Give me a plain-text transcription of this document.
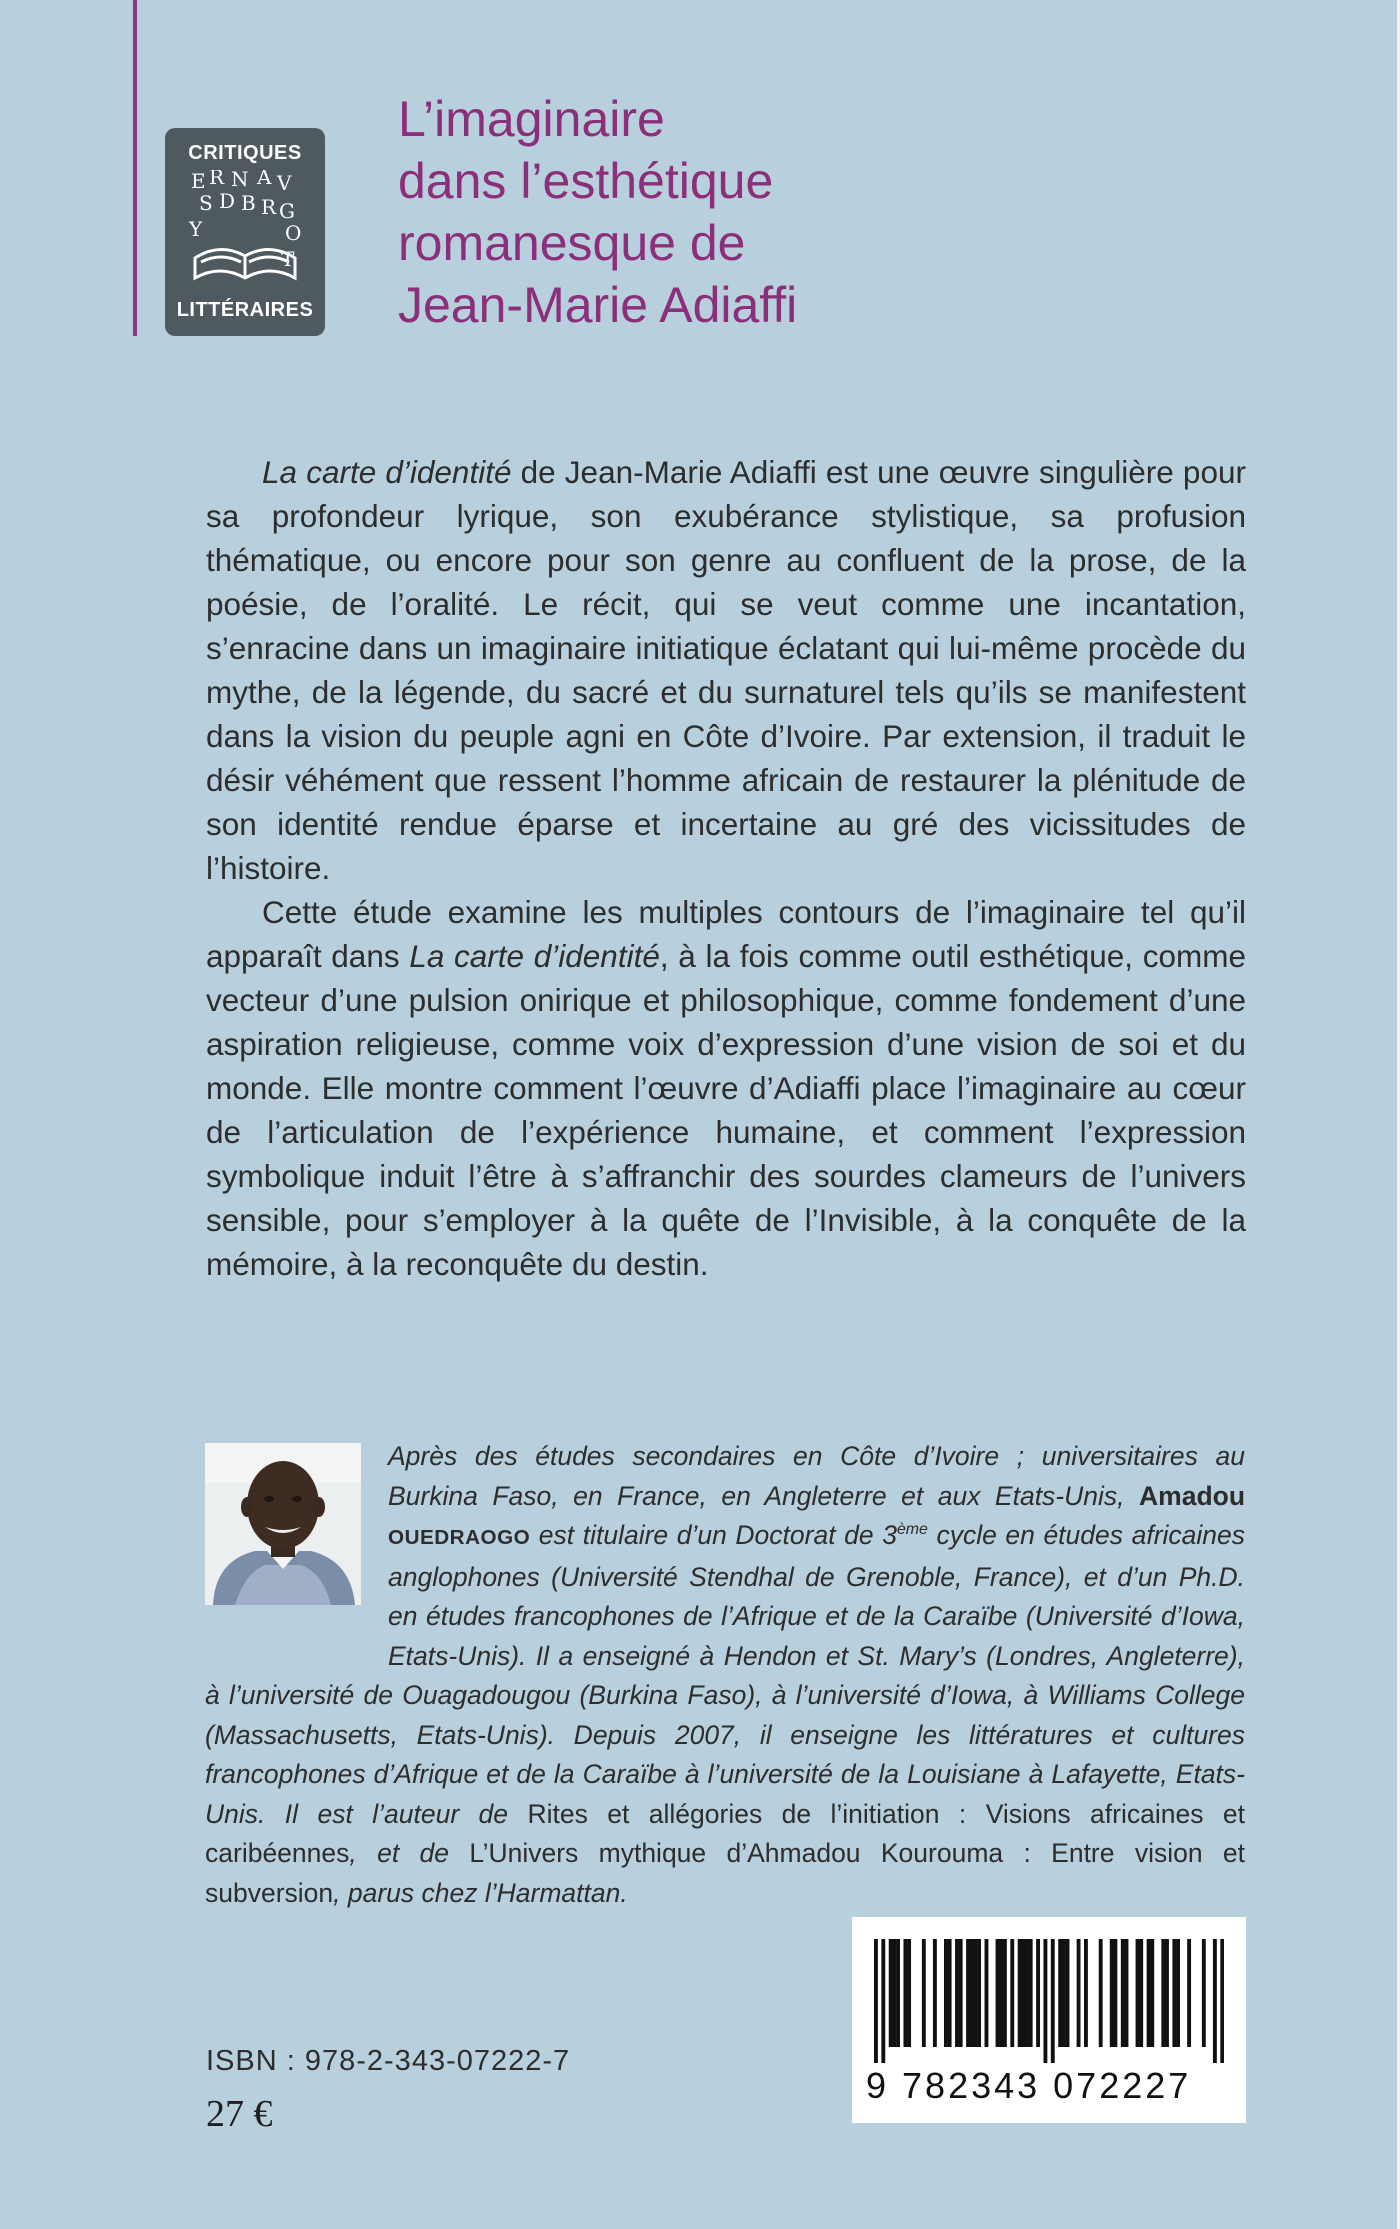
CRITIQUES
E R N A V
S D B R G
O
Y
T
LITTÉRAIRES
L’imaginaire
dans l’esthétique
romanesque de
Jean-Marie Adiaffi

La carte d’identité de Jean-Marie Adiaffi est une œuvre singulière pour sa profondeur lyrique, son exubérance stylistique, sa profusion thématique, ou encore pour son genre au confluent de la prose, de la poésie, de l’oralité. Le récit, qui se veut comme une incantation, s’enracine dans un imaginaire initiatique éclatant qui lui-même procède du mythe, de la légende, du sacré et du surnaturel tels qu’ils se manifestent dans la vision du peuple agni en Côte d’Ivoire. Par extension, il traduit le désir véhément que ressent l’homme africain de restaurer la plénitude de son identité rendue éparse et incertaine au gré des vicissitudes de l’histoire.

Cette étude examine les multiples contours de l’imaginaire tel qu’il apparaît dans La carte d’identité, à la fois comme outil esthétique, comme vecteur d’une pulsion onirique et philosophique, comme fondement d’une aspiration religieuse, comme voix d’expression d’une vision de soi et du monde. Elle montre comment l’œuvre d’Adiaffi place l’imaginaire au cœur de l’articulation de l’expérience humaine, et comment l’expression symbolique induit l’être à s’affranchir des sourdes clameurs de l’univers sensible, pour s’employer à la quête de l’Invisible, à la conquête de la mémoire, à la reconquête du destin.

Après des études secondaires en Côte d’Ivoire ; universitaires au Burkina Faso, en France, en Angleterre et aux Etats-Unis, Amadou OUEDRAOGO est titulaire d’un Doctorat de 3ème cycle en études africaines anglophones (Université Stendhal de Grenoble, France), et d’un Ph.D. en études francophones de l’Afrique et de la Caraïbe (Université d’Iowa, Etats-Unis). Il a enseigné à Hendon et St. Mary’s (Londres, Angleterre), à l’université de Ouagadougou (Burkina Faso), à l’université d’Iowa, à Williams College (Massachusetts, Etats-Unis). Depuis 2007, il enseigne les littératures et cultures francophones d’Afrique et de la Caraïbe à l’université de la Louisiane à Lafayette, Etats-Unis. Il est l’auteur de Rites et allégories de l’initiation : Visions africaines et caribéennes, et de L’Univers mythique d’Ahmadou Kourouma : Entre vision et subversion, parus chez l’Harmattan.
ISBN : 978-2-343-07222-7
27 €
9 782343 072227
